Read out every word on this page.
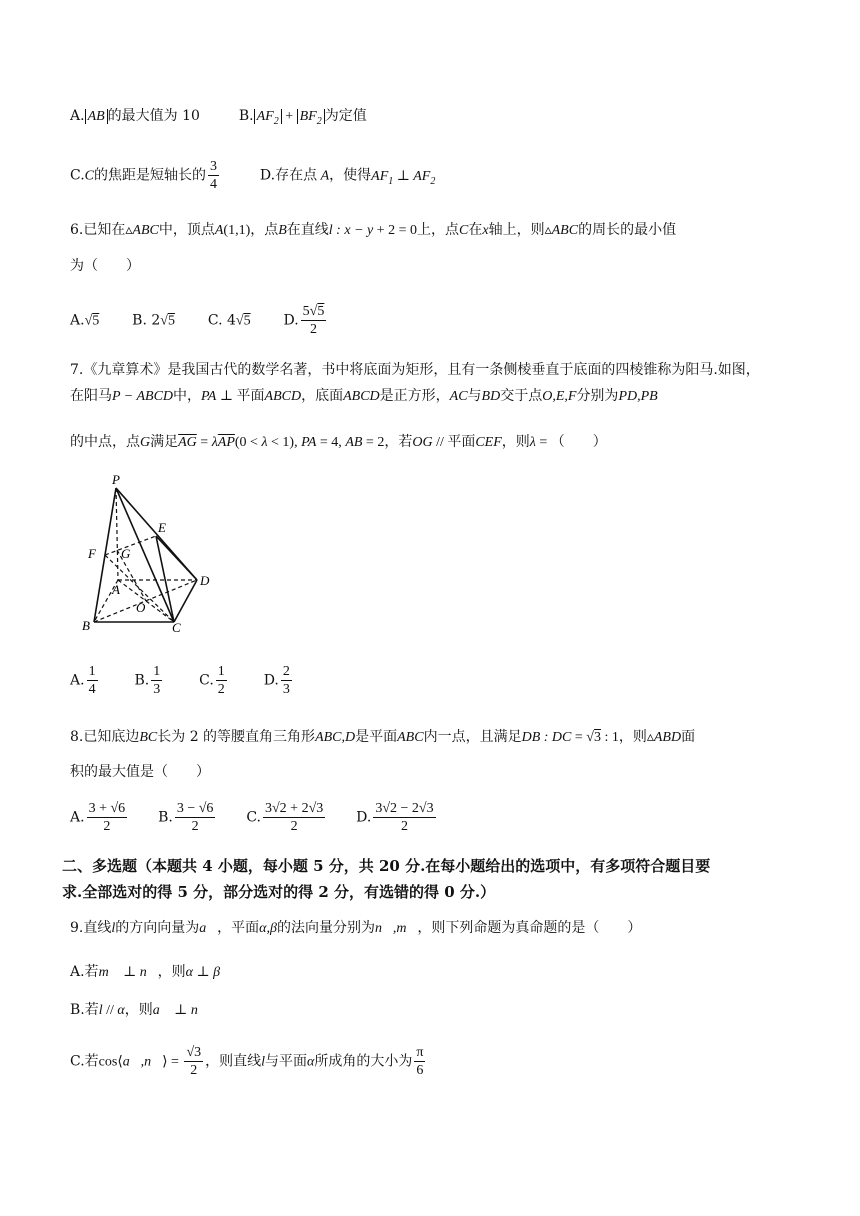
A. AB 的最大值为 10	B. $AF_2 + BF_2$ 为定值
C.C的焦距是短轴长的 $\frac{3}{4}$	D.存在点 A，使得$AF_1$ ⊥ $AF_2$
6.已知在▵ABC中，顶点A(1,1)，点B在直线l : x − y + 2 = 0上，点C在x轴上，则▵ABC的周长的最小值
为（　　）
A.√5 B. 2√5 C. 4√5 D. $\frac{5√5}{2}$
7.《九章算术》是我国古代的数学名著，书中将底面为矩形，且有一条侧棱垂直于底面的四棱锥称为阳马.如图，
在阳马P − ABCD中，PA ⊥ 平面ABCD，底面ABCD是正方形，AC与BD交于点O,E,F分别为PD,PB
的中点，点G满足$\overline{AG} = \lambda\overline{AP}(0 < \lambda < 1)$, PA = 4, AB = 2，若OG // 平面CEF，则λ = （　　）
P
E
F G
A
D
O
B	C
A. $\frac{1}{4}$	B. $\frac{1}{3}$	C. $\frac{1}{2}$	D. $\frac{2}{3}$
8.已知底边BC长为 2 的等腰直角三角形ABC,D是平面ABC内一点，且满足DB : DC = √3 : 1，则▵ABD面
积的最大值是（　　）
A. $\frac{3 + √6}{2} B$. $\frac{3 - √6}{2} C$. $\frac{3√2 + 2√3}{2} D$. $\frac{3√2 - 2√3}{2}$
二、多选题（本题共 4 小题，每小题 5 分，共 20 分.在每小题给出的选项中，有多项符合题目要
求.全部选对的得 5 分，部分选对的得 2 分，有选错的得 0 分.）
9.直线l的方向向量为a⃗，平面α,β的法向量分别为n⃗,m⃗，则下列命题为真命题的是（　　）
A.若m⃗ ⊥ n⃗，则α ⊥ β
B.若l // α，则a⃗ ⊥ n⃗
C.若cos⟨a⃗,n⃗⟩ = $\frac{√3}{2}$ ，则直线l与平面α所成角的大小为 $\frac{\pi}{6}$
